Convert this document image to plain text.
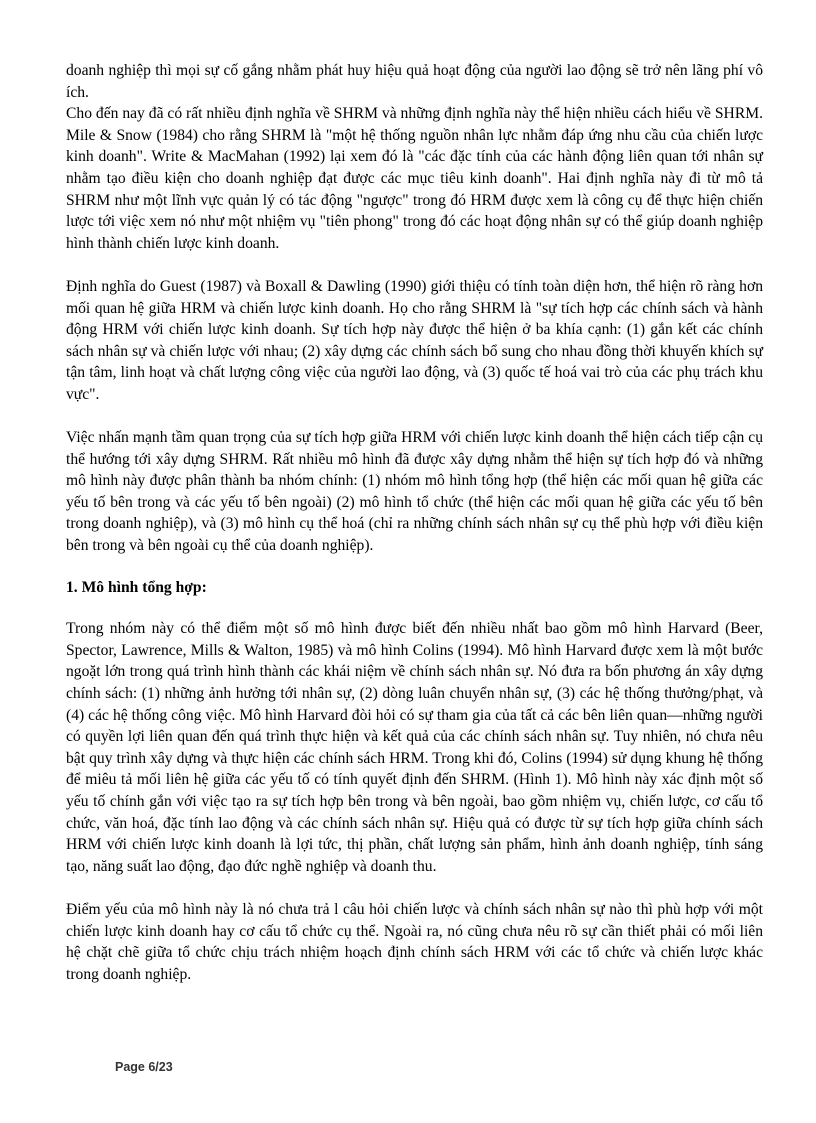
doanh nghiệp thì mọi sự cố gắng nhằm phát huy hiệu quả hoạt động của người lao động sẽ trở nên lãng phí vô ích.

Cho đến nay đã có rất nhiều định nghĩa về SHRM và những định nghĩa này thể hiện nhiều cách hiểu về SHRM. Mile & Snow (1984) cho rằng SHRM là "một hệ thống nguồn nhân lực nhằm đáp ứng nhu cầu của chiến lược kinh doanh". Write & MacMahan (1992) lại xem đó là "các đặc tính của các hành động liên quan tới nhân sự nhằm tạo điều kiện cho doanh nghiệp đạt được các mục tiêu kinh doanh". Hai định nghĩa này đi từ mô tả SHRM như một lĩnh vực quản lý có tác động "ngược" trong đó HRM được xem là công cụ để thực hiện chiến lược tới việc xem nó như một nhiệm vụ "tiên phong" trong đó các hoạt động nhân sự có thể giúp doanh nghiệp hình thành chiến lược kinh doanh.

Định nghĩa do Guest (1987) và Boxall & Dawling (1990) giới thiệu có tính toàn diện hơn, thể hiện rõ ràng hơn mối quan hệ giữa HRM và chiến lược kinh doanh. Họ cho rằng SHRM là "sự tích hợp các chính sách và hành động HRM với chiến lược kinh doanh. Sự tích hợp này được thể hiện ở ba khía cạnh: (1) gắn kết các chính sách nhân sự và chiến lược với nhau; (2) xây dựng các chính sách bổ sung cho nhau đồng thời khuyến khích sự tận tâm, linh hoạt và chất lượng công việc của người lao động, và (3) quốc tế hoá vai trò của các phụ trách khu vực".

Việc nhấn mạnh tầm quan trọng của sự tích hợp giữa HRM với chiến lược kinh doanh thể hiện cách tiếp cận cụ thể hướng tới xây dựng SHRM. Rất nhiều mô hình đã được xây dựng nhằm thể hiện sự tích hợp đó và những mô hình này được phân thành ba nhóm chính: (1) nhóm mô hình tổng hợp (thể hiện các mối quan hệ giữa các yếu tố bên trong và các yếu tố bên ngoài) (2) mô hình tổ chức (thể hiện các mối quan hệ giữa các yếu tố bên trong doanh nghiệp), và (3) mô hình cụ thể hoá (chỉ ra những chính sách nhân sự cụ thể phù hợp với điều kiện bên trong và bên ngoài cụ thể của doanh nghiệp).

1. Mô hình tổng hợp:

Trong nhóm này có thể điểm một số mô hình được biết đến nhiều nhất bao gồm mô hình Harvard (Beer, Spector, Lawrence, Mills & Walton, 1985) và mô hình Colins (1994). Mô hình Harvard được xem là một bước ngoặt lớn trong quá trình hình thành các khái niệm về chính sách nhân sự. Nó đưa ra bốn phương án xây dựng chính sách: (1) những ảnh hưởng tới nhân sự, (2) dòng luân chuyển nhân sự, (3) các hệ thống thưởng/phạt, và (4) các hệ thống công việc. Mô hình Harvard đòi hỏi có sự tham gia của tất cả các bên liên quan—những người có quyền lợi liên quan đến quá trình thực hiện và kết quả của các chính sách nhân sự. Tuy nhiên, nó chưa nêu bật quy trình xây dựng và thực hiện các chính sách HRM. Trong khi đó, Colins (1994) sử dụng khung hệ thống để miêu tả mối liên hệ giữa các yếu tố có tính quyết định đến SHRM. (Hình 1). Mô hình này xác định một số yếu tố chính gắn với việc tạo ra sự tích hợp bên trong và bên ngoài, bao gồm nhiệm vụ, chiến lược, cơ cấu tổ chức, văn hoá, đặc tính lao động và các chính sách nhân sự. Hiệu quả có được từ sự tích hợp giữa chính sách HRM với chiến lược kinh doanh là lợi tức, thị phần, chất lượng sản phẩm, hình ảnh doanh nghiệp, tính sáng tạo, năng suất lao động, đạo đức nghề nghiệp và doanh thu.

Điểm yếu của mô hình này là nó chưa trả l câu hỏi chiến lược và chính sách nhân sự nào thì phù hợp với một chiến lược kinh doanh hay cơ cấu tổ chức cụ thể. Ngoài ra, nó cũng chưa nêu rõ sự cần thiết phải có mối liên hệ chặt chẽ giữa tổ chức chịu trách nhiệm hoạch định chính sách HRM với các tổ chức và chiến lược khác trong doanh nghiệp.

Page 6/23
